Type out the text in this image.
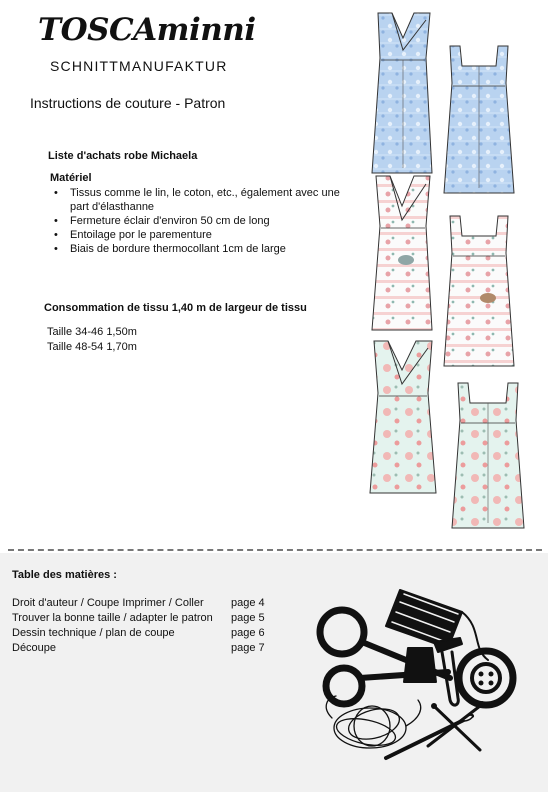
TOSCAminni
SCHNITTMANUFAKTUR
Instructions de couture - Patron
Liste d'achats robe Michaela
Matériel
• Tissus comme le lin, le coton, etc., également avec une part d'élasthanne
• Fermeture éclair d'environ 50 cm de long
• Entoilage por le parementure
• Biais de bordure thermocollant 1cm de large
Consommation de tissu 1,40 m de largeur de tissu
Taille 34-46 1,50m
Taille 48-54 1,70m
Table des matières :
Droit d'auteur / Coupe Imprimer / Coller page 4
Trouver la bonne taille / adapter le patron page 5
Dessin technique / plan de coupe	page 6
Découpe	page 7
